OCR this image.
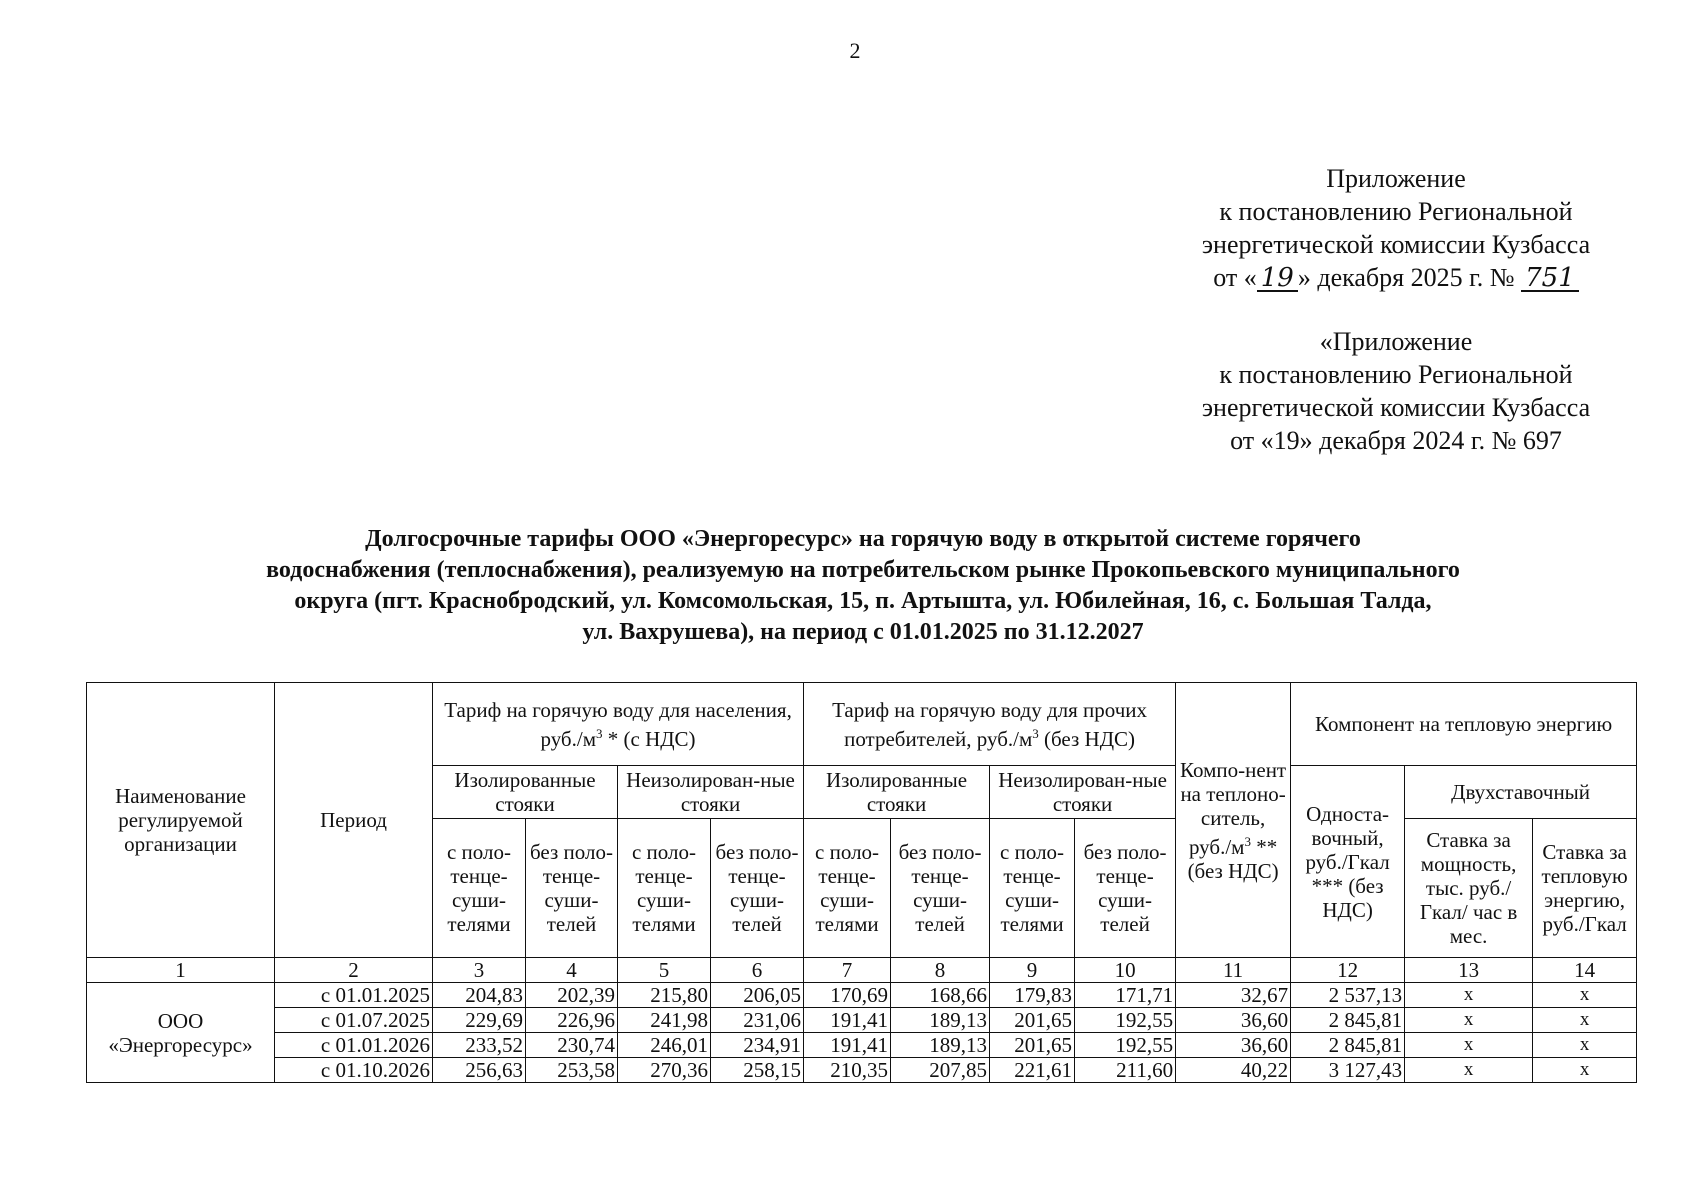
2
Приложение
к постановлению Региональной
энергетической комиссии Кузбасса
от « 19 » декабря 2025 г. № 751
«Приложение
к постановлению Региональной
энергетической комиссии Кузбасса
от «19» декабря 2024 г. № 697
Долгосрочные тарифы ООО «Энергоресурс» на горячую воду в открытой системе горячего
водоснабжения (теплоснабжения), реализуемую на потребительском рынке Прокопьевского муниципального
округа (пгт. Краснобродский, ул. Комсомольская, 15, п. Артышта, ул. Юбилейная, 16, с. Большая Талда,
ул. Вахрушева), на период с 01.01.2025 по 31.12.2027
Наименование регулируемой организации	Период	Тариф на горячую воду для населения, $руб./м^3 * (с$ НДС)				Тариф на горячую воду для прочих потребителей, $руб./м^3$ (без НДС)				Компо-нент на теплоно-ситель, $руб./м^3 ** (без$ НДС)	Компонент на тепловую энергию		
		Изолированные стояки		Неизолирован-ные стояки		Изолированные стояки		Неизолирован-ные стояки			Односта-вочный, руб./Гкал *** (без НДС)	Двухставочный	
		с поло-тенце-суши-телями	без поло-тенце-суши-телей	с поло-тенце-суши-телями	без поло-тенце-суши-телей	с поло-тенце-суши-телями	без поло-тенце-суши-телей	с поло-тенце-суши-телями	без поло-тенце-суши-телей			Ставка за мощность, тыс. руб./ Гкал/ час в мес.	Ставка за тепловую энергию, руб./Гкал
1	2	3	4	5	6	7	8	9	10	11	12	13	14
ООО «Энергоресурс»	с 01.01.2025	204,83	202,39	215,80	206,05	170,69	168,66	179,83	171,71	32,67	2 537,13	x	x
	с 01.07.2025	229,69	226,96	241,98	231,06	191,41	189,13	201,65	192,55	36,60	2 845,81	x	x
	с 01.01.2026	233,52	230,74	246,01	234,91	191,41	189,13	201,65	192,55	36,60	2 845,81	x	x
	с 01.10.2026	256,63	253,58	270,36	258,15	210,35	207,85	221,61	211,60	40,22	3 127,43	x	x
